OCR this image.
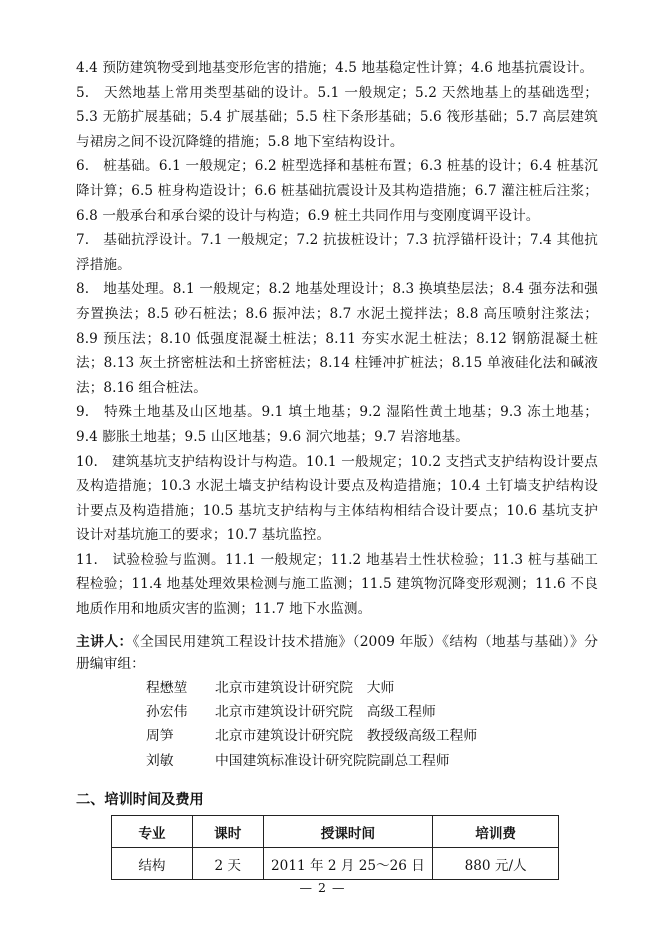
4.4 预防建筑物受到地基变形危害的措施；4.5 地基稳定性计算；4.6 地基抗震设计。

5.　天然地基上常用类型基础的设计。5.1 一般规定；5.2 天然地基上的基础选型；5.3 无筋扩展基础；5.4 扩展基础；5.5 柱下条形基础；5.6 筏形基础；5.7 高层建筑与裙房之间不设沉降缝的措施；5.8 地下室结构设计。

6.　桩基础。6.1 一般规定；6.2 桩型选择和基桩布置；6.3 桩基的设计；6.4 桩基沉降计算；6.5 桩身构造设计；6.6 桩基础抗震设计及其构造措施；6.7 灌注桩后注浆；6.8 一般承台和承台梁的设计与构造；6.9 桩土共同作用与变刚度调平设计。

7.　基础抗浮设计。7.1 一般规定；7.2 抗拔桩设计；7.3 抗浮锚杆设计；7.4 其他抗浮措施。

8.　地基处理。8.1 一般规定；8.2 地基处理设计；8.3 换填垫层法；8.4 强夯法和强夯置换法；8.5 砂石桩法；8.6 振冲法；8.7 水泥土搅拌法；8.8 高压喷射注浆法；8.9 预压法；8.10 低强度混凝土桩法；8.11 夯实水泥土桩法；8.12 钢筋混凝土桩法；8.13 灰土挤密桩法和土挤密桩法；8.14 柱锤冲扩桩法；8.15 单液硅化法和碱液法；8.16 组合桩法。

9.　特殊土地基及山区地基。9.1 填土地基；9.2 湿陷性黄土地基；9.3 冻土地基；9.4 膨胀土地基；9.5 山区地基；9.6 洞穴地基；9.7 岩溶地基。

10.　建筑基坑支护结构设计与构造。10.1 一般规定；10.2 支挡式支护结构设计要点及构造措施；10.3 水泥土墙支护结构设计要点及构造措施；10.4 土钉墙支护结构设计要点及构造措施；10.5 基坑支护结构与主体结构相结合设计要点；10.6 基坑支护设计对基坑施工的要求；10.7 基坑监控。

11.　试验检验与监测。11.1 一般规定；11.2 地基岩土性状检验；11.3 桩与基础工程检验；11.4 地基处理效果检测与施工监测；11.5 建筑物沉降变形观测；11.6 不良地质作用和地质灾害的监测；11.7 地下水监测。

主讲人：《全国民用建筑工程设计技术措施》（2009 年版）《结构（地基与基础）》分册编审组：

程懋堃	北京市建筑设计研究院　大师
孙宏伟	北京市建筑设计研究院　高级工程师
周笋	北京市建筑设计研究院　教授级高级工程师
刘敏	中国建筑标准设计研究院院副总工程师
二、培训时间及费用
专业	课时	授课时间	培训费
结构	2 天	2011 年 2 月 25～26 日	880 元/人
— 2 —
